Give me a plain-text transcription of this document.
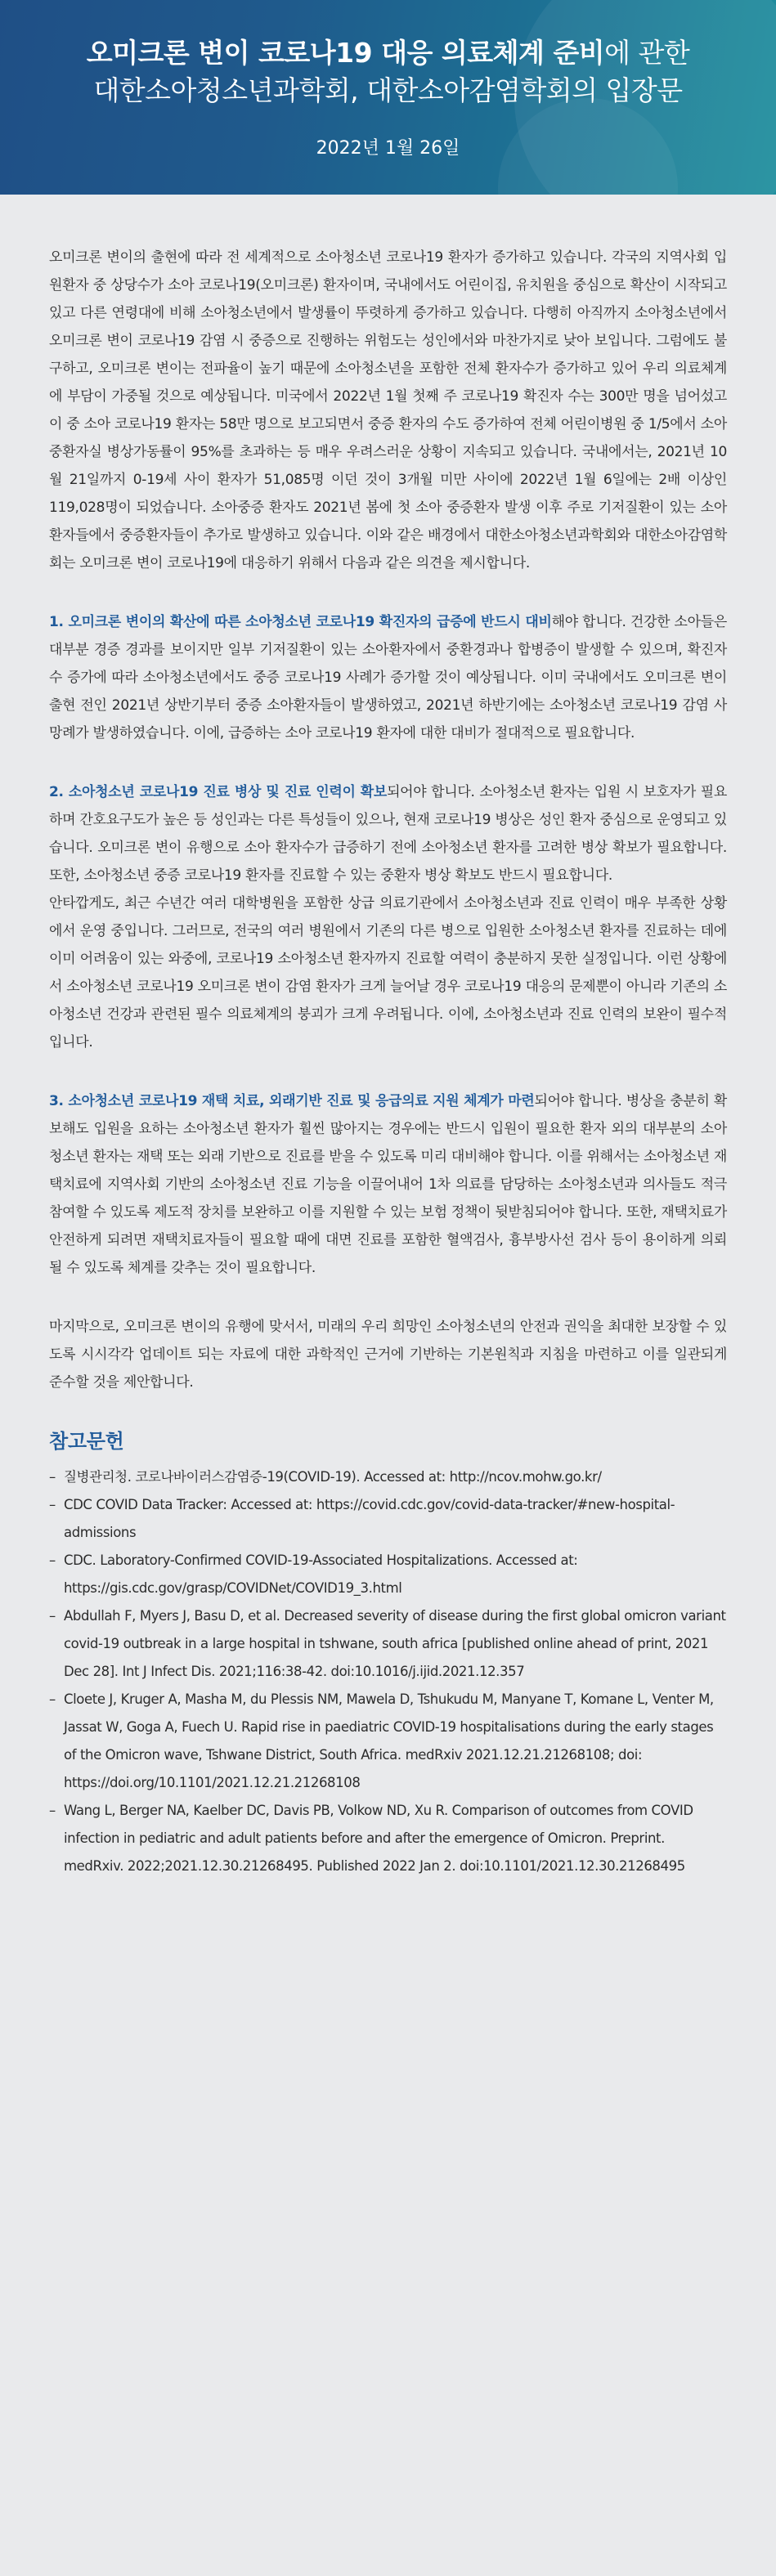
오미크론 변이 코로나19 대응 의료체계 준비에 관한
대한소아청소년과학회, 대한소아감염학회의 입장문
2022년 1월 26일

오미크론 변이의 출현에 따라 전 세계적으로 소아청소년 코로나19 환자가 증가하고 있습니다. 각국의 지역사회 입원환자 중 상당수가 소아 코로나19(오미크론) 환자이며, 국내에서도 어린이집, 유치원을 중심으로 확산이 시작되고 있고 다른 연령대에 비해 소아청소년에서 발생률이 뚜렷하게 증가하고 있습니다. 다행히 아직까지 소아청소년에서 오미크론 변이 코로나19 감염 시 중증으로 진행하는 위험도는 성인에서와 마찬가지로 낮아 보입니다. 그럼에도 불구하고, 오미크론 변이는 전파율이 높기 때문에 소아청소년을 포함한 전체 환자수가 증가하고 있어 우리 의료체계에 부담이 가중될 것으로 예상됩니다. 미국에서 2022년 1월 첫째 주 코로나19 확진자 수는 300만 명을 넘어섰고 이 중 소아 코로나19 환자는 58만 명으로 보고되면서 중증 환자의 수도 증가하여 전체 어린이병원 중 1/5에서 소아중환자실 병상가동률이 95%를 초과하는 등 매우 우려스러운 상황이 지속되고 있습니다. 국내에서는, 2021년 10월 21일까지 0-19세 사이 환자가 51,085명 이던 것이 3개월 미만 사이에 2022년 1월 6일에는 2배 이상인 119,028명이 되었습니다. 소아중증 환자도 2021년 봄에 첫 소아 중증환자 발생 이후 주로 기저질환이 있는 소아 환자들에서 중증환자들이 추가로 발생하고 있습니다. 이와 같은 배경에서 대한소아청소년과학회와 대한소아감염학회는 오미크론 변이 코로나19에 대응하기 위해서 다음과 같은 의견을 제시합니다.

1. 오미크론 변이의 확산에 따른 소아청소년 코로나19 확진자의 급증에 반드시 대비해야 합니다. 건강한 소아들은 대부분 경증 경과를 보이지만 일부 기저질환이 있는 소아환자에서 중환경과나 합병증이 발생할 수 있으며, 확진자 수 증가에 따라 소아청소년에서도 중증 코로나19 사례가 증가할 것이 예상됩니다. 이미 국내에서도 오미크론 변이 출현 전인 2021년 상반기부터 중증 소아환자들이 발생하였고, 2021년 하반기에는 소아청소년 코로나19 감염 사망례가 발생하였습니다. 이에, 급증하는 소아 코로나19 환자에 대한 대비가 절대적으로 필요합니다.

2. 소아청소년 코로나19 진료 병상 및 진료 인력이 확보되어야 합니다. 소아청소년 환자는 입원 시 보호자가 필요하며 간호요구도가 높은 등 성인과는 다른 특성들이 있으나, 현재 코로나19 병상은 성인 환자 중심으로 운영되고 있습니다. 오미크론 변이 유행으로 소아 환자수가 급증하기 전에 소아청소년 환자를 고려한 병상 확보가 필요합니다. 또한, 소아청소년 중증 코로나19 환자를 진료할 수 있는 중환자 병상 확보도 반드시 필요합니다.
안타깝게도, 최근 수년간 여러 대학병원을 포함한 상급 의료기관에서 소아청소년과 진료 인력이 매우 부족한 상황에서 운영 중입니다. 그러므로, 전국의 여러 병원에서 기존의 다른 병으로 입원한 소아청소년 환자를 진료하는 데에 이미 어려움이 있는 와중에, 코로나19 소아청소년 환자까지 진료할 여력이 충분하지 못한 실정입니다. 이런 상황에서 소아청소년 코로나19 오미크론 변이 감염 환자가 크게 늘어날 경우 코로나19 대응의 문제뿐이 아니라 기존의 소아청소년 건강과 관련된 필수 의료체계의 붕괴가 크게 우려됩니다. 이에, 소아청소년과 진료 인력의 보완이 필수적입니다.

3. 소아청소년 코로나19 재택 치료, 외래기반 진료 및 응급의료 지원 체계가 마련되어야 합니다. 병상을 충분히 확보해도 입원을 요하는 소아청소년 환자가 훨씬 많아지는 경우에는 반드시 입원이 필요한 환자 외의 대부분의 소아청소년 환자는 재택 또는 외래 기반으로 진료를 받을 수 있도록 미리 대비해야 합니다. 이를 위해서는 소아청소년 재택치료에 지역사회 기반의 소아청소년 진료 기능을 이끌어내어 1차 의료를 담당하는 소아청소년과 의사들도 적극 참여할 수 있도록 제도적 장치를 보완하고 이를 지원할 수 있는 보험 정책이 뒷받침되어야 합니다. 또한, 재택치료가 안전하게 되려면 재택치료자들이 필요할 때에 대면 진료를 포함한 혈액검사, 흉부방사선 검사 등이 용이하게 의뢰될 수 있도록 체계를 갖추는 것이 필요합니다.

마지막으로, 오미크론 변이의 유행에 맞서서, 미래의 우리 희망인 소아청소년의 안전과 권익을 최대한 보장할 수 있도록 시시각각 업데이트 되는 자료에 대한 과학적인 근거에 기반하는 기본원칙과 지침을 마련하고 이를 일관되게 준수할 것을 제안합니다.

참고문헌
– 질병관리청. 코로나바이러스감염증-19(COVID-19). Accessed at: http://ncov.mohw.go.kr/
– CDC COVID Data Tracker: Accessed at: https://covid.cdc.gov/covid-data-tracker/#new-hospital-admissions
– CDC. Laboratory-Confirmed COVID-19-Associated Hospitalizations. Accessed at: https://gis.cdc.gov/grasp/COVIDNet/COVID19_3.html
– Abdullah F, Myers J, Basu D, et al. Decreased severity of disease during the first global omicron variant covid-19 outbreak in a large hospital in tshwane, south africa [published online ahead of print, 2021 Dec 28]. Int J Infect Dis. 2021;116:38-42. doi:10.1016/j.ijid.2021.12.357
– Cloete J, Kruger A, Masha M, du Plessis NM, Mawela D, Tshukudu M, Manyane T, Komane L, Venter M, Jassat W, Goga A, Fuech U. Rapid rise in paediatric COVID-19 hospitalisations during the early stages of the Omicron wave, Tshwane District, South Africa. medRxiv 2021.12.21.21268108; doi: https://doi.org/10.1101/2021.12.21.21268108
– Wang L, Berger NA, Kaelber DC, Davis PB, Volkow ND, Xu R. Comparison of outcomes from COVID infection in pediatric and adult patients before and after the emergence of Omicron. Preprint. medRxiv. 2022;2021.12.30.21268495. Published 2022 Jan 2. doi:10.1101/2021.12.30.21268495
